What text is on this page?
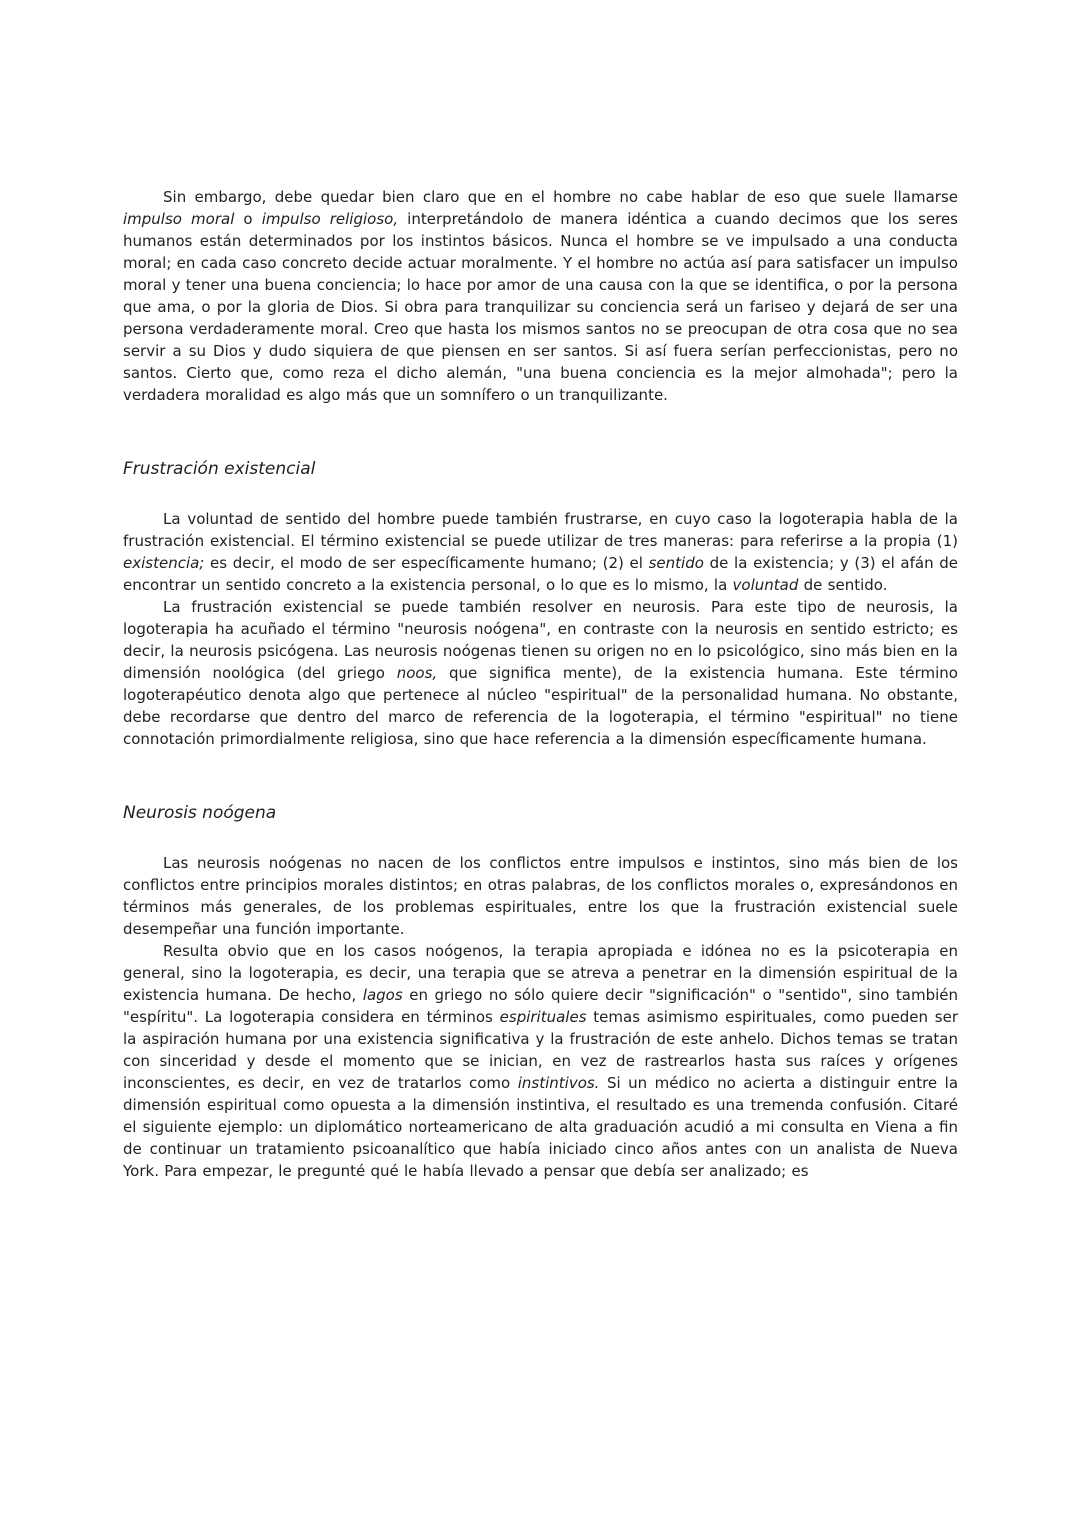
Sin embargo, debe quedar bien claro que en el hombre no cabe hablar de eso que suele llamarse impulso moral o impulso religioso, interpretándolo de manera idéntica a cuando decimos que los seres humanos están determinados por los instintos básicos. Nunca el hombre se ve impulsado a una conducta moral; en cada caso concreto decide actuar moralmente. Y el hombre no actúa así para satisfacer un impulso moral y tener una buena conciencia; lo hace por amor de una causa con la que se identifica, o por la persona que ama, o por la gloria de Dios. Si obra para tranquilizar su conciencia será un fariseo y dejará de ser una persona verdaderamente moral. Creo que hasta los mismos santos no se preocupan de otra cosa que no sea servir a su Dios y dudo siquiera de que piensen en ser santos. Si así fuera serían perfeccionistas, pero no santos. Cierto que, como reza el dicho alemán, "una buena conciencia es la mejor almohada"; pero la verdadera moralidad es algo más que un somnífero o un tranquilizante.

Frustración existencial

La voluntad de sentido del hombre puede también frustrarse, en cuyo caso la logoterapia habla de la frustración existencial. El término existencial se puede utilizar de tres maneras: para referirse a la propia (1) existencia; es decir, el modo de ser específicamente humano; (2) el sentido de la existencia; y (3) el afán de encontrar un sentido concreto a la existencia personal, o lo que es lo mismo, la voluntad de sentido.

La frustración existencial se puede también resolver en neurosis. Para este tipo de neurosis, la logoterapia ha acuñado el término "neurosis noógena", en contraste con la neurosis en sentido estricto; es decir, la neurosis psicógena. Las neurosis noógenas tienen su origen no en lo psicológico, sino más bien en la dimensión noológica (del griego noos, que significa mente), de la existencia humana. Este término logoterapéutico denota algo que pertenece al núcleo "espiritual" de la personalidad humana. No obstante, debe recordarse que dentro del marco de referencia de la logoterapia, el término "espiritual" no tiene connotación primordialmente religiosa, sino que hace referencia a la dimensión específicamente humana.

Neurosis noógena

Las neurosis noógenas no nacen de los conflictos entre impulsos e instintos, sino más bien de los conflictos entre principios morales distintos; en otras palabras, de los conflictos morales o, expresándonos en términos más generales, de los problemas espirituales, entre los que la frustración existencial suele desempeñar una función importante.

Resulta obvio que en los casos noógenos, la terapia apropiada e idónea no es la psicoterapia en general, sino la logoterapia, es decir, una terapia que se atreva a penetrar en la dimensión espiritual de la existencia humana. De hecho, lagos en griego no sólo quiere decir "significación" o "sentido", sino también "espíritu". La logoterapia considera en términos espirituales temas asimismo espirituales, como pueden ser la aspiración humana por una existencia significativa y la frustración de este anhelo. Dichos temas se tratan con sinceridad y desde el momento que se inician, en vez de rastrearlos hasta sus raíces y orígenes inconscientes, es decir, en vez de tratarlos como instintivos. Si un médico no acierta a distinguir entre la dimensión espiritual como opuesta a la dimensión instintiva, el resultado es una tremenda confusión. Citaré el siguiente ejemplo: un diplomático norteamericano de alta graduación acudió a mi consulta en Viena a fin de continuar un tratamiento psicoanalítico que había iniciado cinco años antes con un analista de Nueva York. Para empezar, le pregunté qué le había llevado a pensar que debía ser analizado; es
